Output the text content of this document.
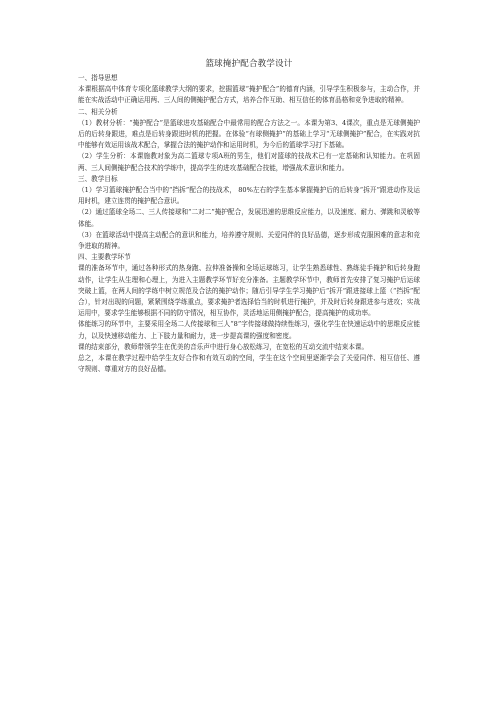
篮球掩护配合教学设计
一、指导思想

本课根据高中体育专项化篮球教学大纲的要求，挖掘篮球“掩护配合”的德育内涵，引导学生积极参与，主动合作，并能在实战活动中正确运用两、三人间的侧掩护配合方式，培养合作互助、相互信任的体育品格和竞争进取的精神。

二、相关分析

（1）教材分析：“掩护配合”是篮球进攻基础配合中最常用的配合方法之一。本课为第3、4课次，重点是无球侧掩护后的后转身跟进，难点是后转身跟进时机的把握。在体验“有球侧掩护”的基础上学习“无球侧掩护”配合，在实践对抗中能够有效运用该战术配合，掌握合法的掩护动作和运用时机，为今后的篮球学习打下基础。

（2）学生分析：本课施教对象为高二篮球专项A班的男生，他们对篮球的技战术已有一定基础和认知能力。在巩固两、三人间侧掩护配合技术的学练中，提高学生的进攻基础配合技能，增强战术意识和能力。

三、教学目标

（1）学习篮球掩护配合当中的“挡拆”配合的技战术， 80%左右的学生基本掌握掩护后的后转身“拆开”跟进动作及运用时机，建立连贯的掩护配合意识。

（2）通过篮球全场二、三人传接球和“二对二”掩护配合，发展迅速的思维反应能力，以及速度、耐力、弹跳和灵敏等体能。

（3）在篮球活动中提高主动配合的意识和能力，培养遵守规则、关爱同伴的良好品德，逐步形成克服困难的意志和竞争进取的精神。

四、主要教学环节

课的准备环节中，通过各种形式的热身跑、拉伸准备操和全场运球练习，让学生熟悉球性、熟练徒手掩护和后转身跑动作，让学生从生理和心理上，为进入主题教学环节好充分准备。主题教学环节中，教师首先安排了复习掩护后运球突破上篮，在两人间的学练中树立规范及合法的掩护动作；随后引导学生学习掩护后“拆开”跟进接球上篮（“挡拆”配合），针对出现的问题，紧紧围绕学练重点，要求掩护者选择恰当的时机进行掩护，并及时后转身跟进参与进攻；实战运用中，要求学生能够根据不同的防守情况，相互协作，灵活地运用侧掩护配合，提高掩护的成功率。

体能练习的环节中，主要采用全场二人传接球和三人“8”字传接球做持续性练习，强化学生在快速运动中的思维反应能力，以及快速移动能力、上下肢力量和耐力，进一步提高课的强度和密度。

课的结束部分，教师带领学生在优美的音乐声中进行身心放松练习，在宽松的互动交流中结束本课。

总之，本课在教学过程中给学生友好合作和有效互动的空间，学生在这个空间里逐渐学会了关爱同伴、相互信任、遵守规则、尊重对方的良好品德。
